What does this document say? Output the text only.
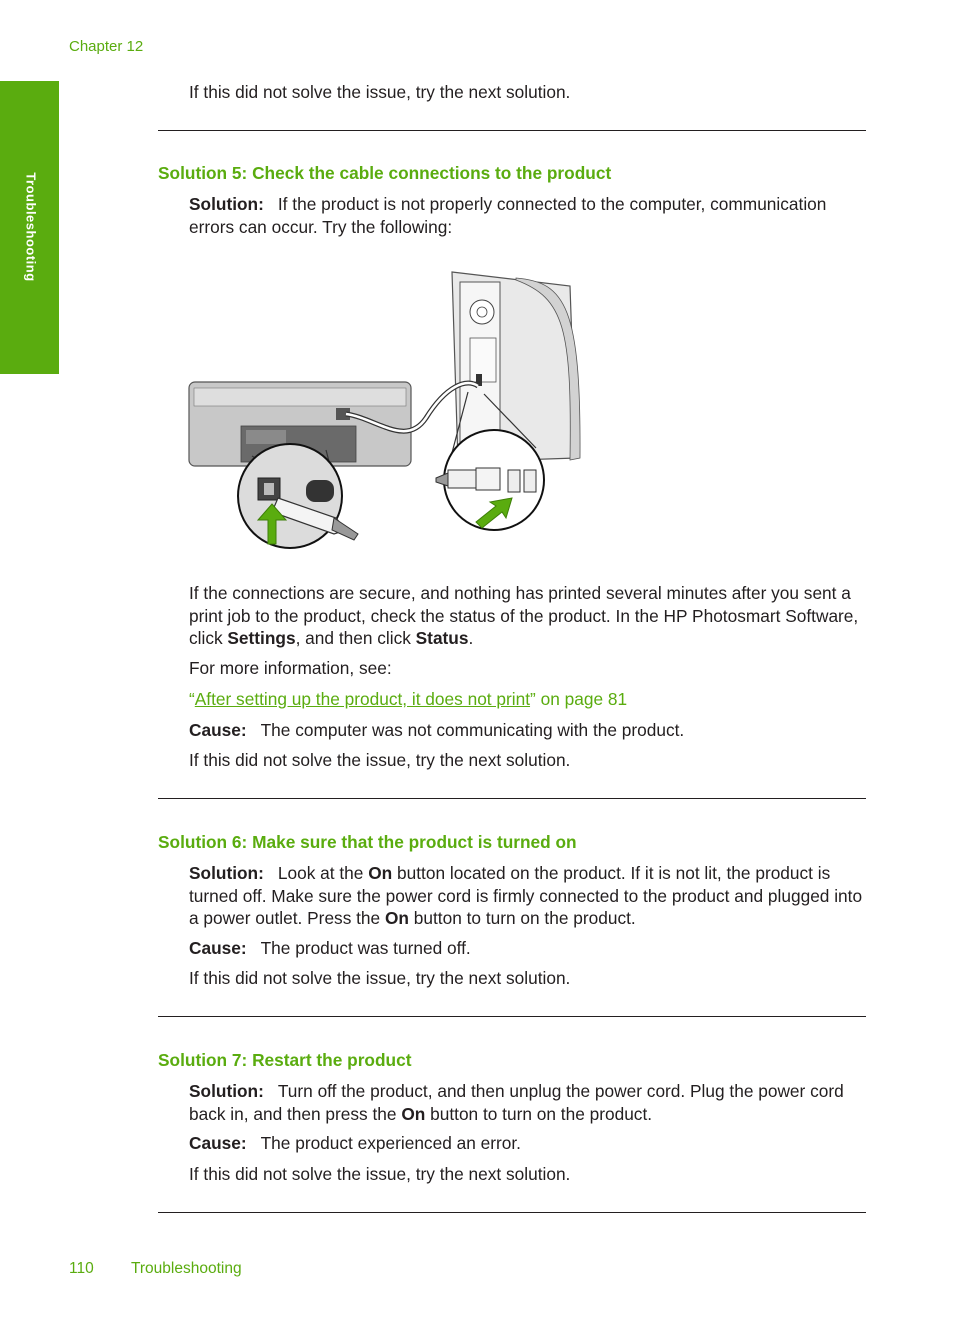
Chapter 12
Troubleshooting

If this did not solve the issue, try the next solution.

Solution 5: Check the cable connections to the product

Solution: If the product is not properly connected to the computer, communication errors can occur. Try the following:

If the connections are secure, and nothing has printed several minutes after you sent a print job to the product, check the status of the product. In the HP Photosmart Software, click Settings, and then click Status.

For more information, see:

“After setting up the product, it does not print” on page 81

Cause: The computer was not communicating with the product.

If this did not solve the issue, try the next solution.

Solution 6: Make sure that the product is turned on

Solution: Look at the On button located on the product. If it is not lit, the product is turned off. Make sure the power cord is firmly connected to the product and plugged into a power outlet. Press the On button to turn on the product.

Cause: The product was turned off.

If this did not solve the issue, try the next solution.

Solution 7: Restart the product

Solution: Turn off the product, and then unplug the power cord. Plug the power cord back in, and then press the On button to turn on the product.

Cause: The product experienced an error.

If this did not solve the issue, try the next solution.

110 Troubleshooting
